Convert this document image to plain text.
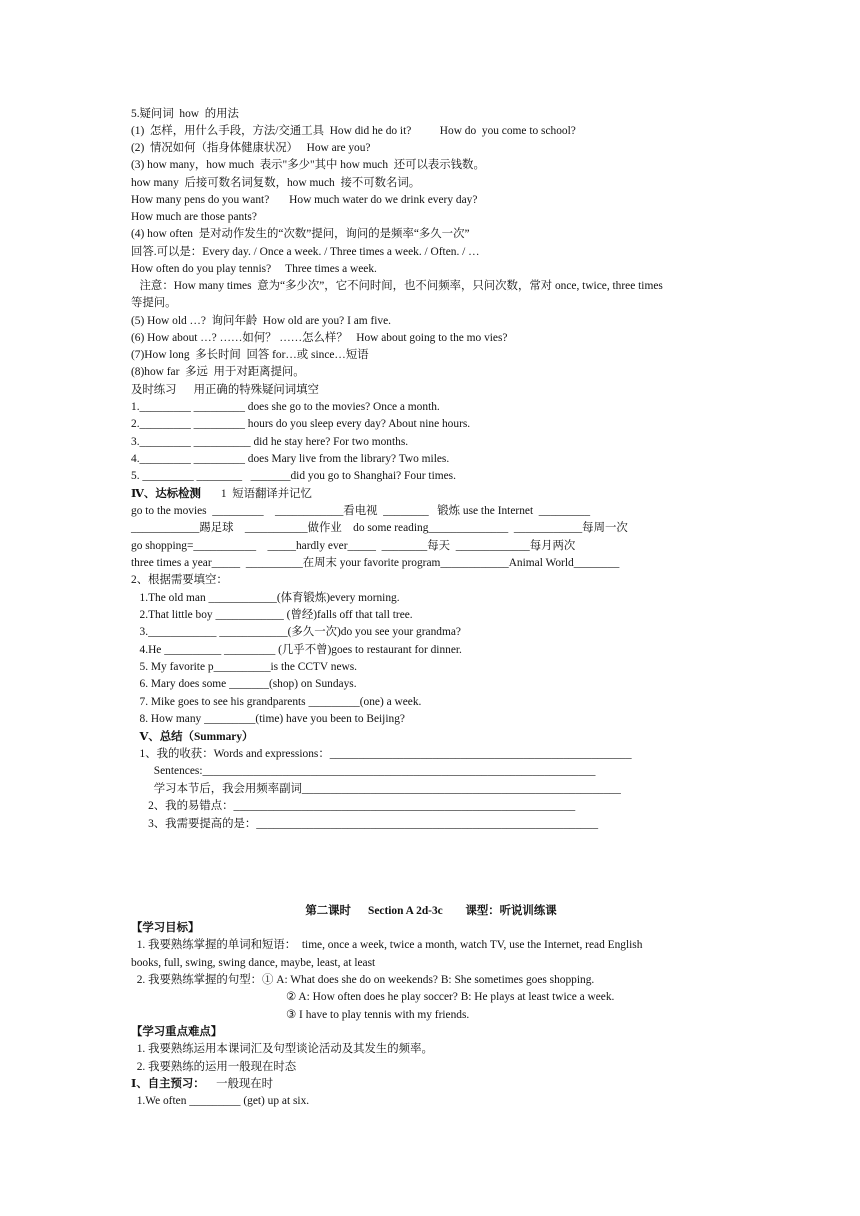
5.疑问词  how  的用法
(1)  怎样，用什么手段，方法/交通工具  How did he do it?          How do  you come to school?
(2)  情况如何（指身体健康状况）   How are you?
(3) how many，how much  表示"多少"其中 how much  还可以表示钱数。
how many  后接可数名词复数，how much  接不可数名词。
How many pens do you want?       How much water do we drink every day?
How much are those pants?
(4) how often  是对动作发生的“次数”提问，询问的是频率“多久一次”
回答.可以是：Every day. / Once a week. / Three times a week. / Often. / …
How often do you play tennis?     Three times a week.
注意：How many times  意为“多少次”，它不问时间，也不问频率，只问次数，常对 once, twice, three times
等提问。
(5) How old …?  询问年龄  How old are you? I am five.
(6) How about …? ……如何？ ……怎么样？   How about going to the mo vies?
(7)How long  多长时间  回答 for…或 since…短语
(8)how far  多远  用于对距离提问。
及时练习      用正确的特殊疑问词填空
1._________ _________ does she go to the movies? Once a month.
2._________ _________ hours do you sleep every day? About nine hours.
3._________ __________ did he stay here? For two months.
4._________ _________ does Mary live from the library? Two miles.
5. _________ ________   _______did you go to Shanghai? Four times.
Ⅳ、达标检测       1  短语翻译并记忆
go to the movies  _________    ____________看电视  ________   锻炼 use the Internet  _________
____________踢足球    ___________做作业    do some reading______________  ____________每周一次
go shopping=___________    _____hardly ever_____  ________每天  _____________每月两次
three times a year_____  __________在周末 your favorite program____________Animal World________
2、根据需要填空：
1.The old man ____________(体育锻炼)every morning.
2.That little boy ____________ (曾经)falls off that tall tree.
3.____________ ____________(多久一次)do you see your grandma?
4.He __________ _________ (几乎不曾)goes to restaurant for dinner.
5. My favorite p__________is the CCTV news.
6. Mary does some _______(shop) on Sundays.
7. Mike goes to see his grandparents _________(one) a week.
8. How many _________(time) have you been to Beijing?
Ⅴ、总结（Summary）
1、我的收获：Words and expressions：_____________________________________________________
Sentences:_____________________________________________________________________
学习本节后，我会用频率副词________________________________________________________
2、我的易错点：____________________________________________________________
3、我需要提高的是：____________________________________________________________
第二课时      Section A 2d-3c        课型：听说训练课
【学习目标】
1. 我要熟练掌握的单词和短语：  time, once a week, twice a month, watch TV, use the Internet, read English
books, full, swing, swing dance, maybe, least, at least
2. 我要熟练掌握的句型：① A: What does she do on weekends? B: She sometimes goes shopping.
② A: How often does he play soccer? B: He plays at least twice a week.
③ I have to play tennis with my friends.
【学习重点难点】
1. 我要熟练运用本课词汇及句型谈论活动及其发生的频率。
2. 我要熟练的运用一般现在时态
Ⅰ、自主预习：    一般现在时
1.We often _________ (get) up at six.
